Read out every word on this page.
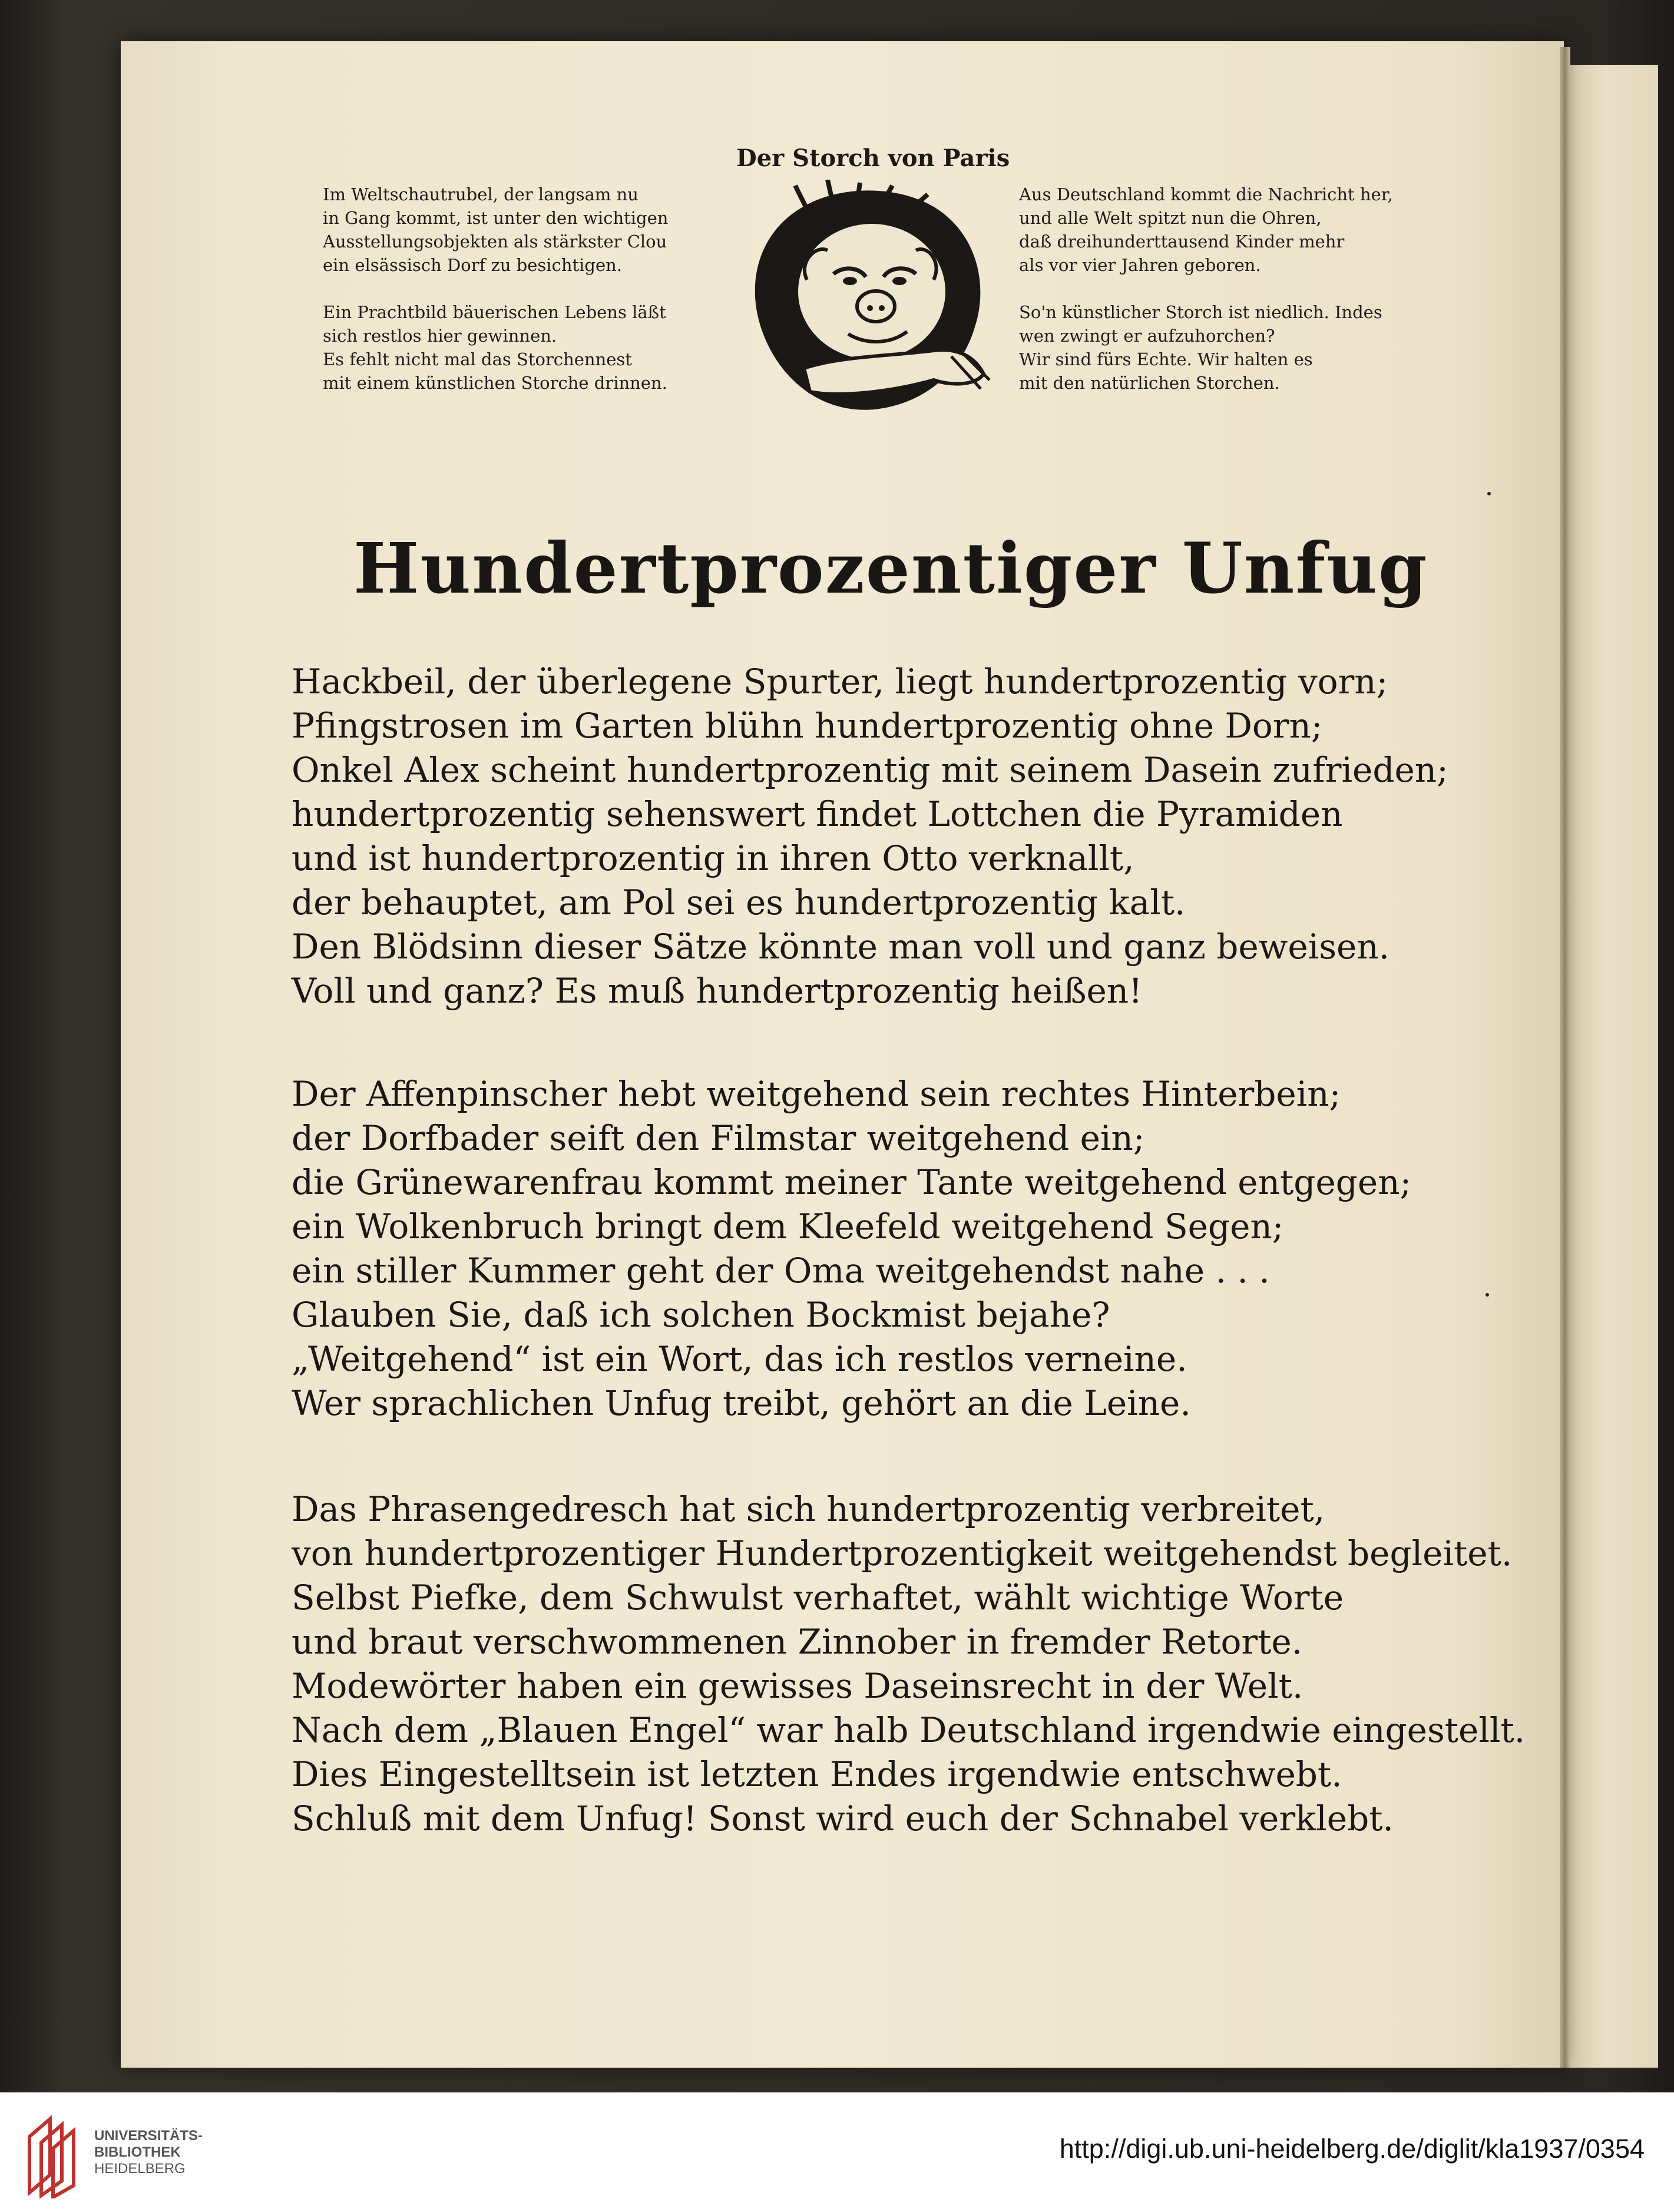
Der Storch von Paris

Im Weltschautrubel, der langsam nu
in Gang kommt, ist unter den wichtigen
Ausstellungsobjekten als stärkster Clou
ein elsässisch Dorf zu besichtigen.

Ein Prachtbild bäuerischen Lebens läßt
sich restlos hier gewinnen.
Es fehlt nicht mal das Storchennest
mit einem künstlichen Storche drinnen.

Aus Deutschland kommt die Nachricht her,
und alle Welt spitzt nun die Ohren,
daß dreihunderttausend Kinder mehr
als vor vier Jahren geboren.

So'n künstlicher Storch ist niedlich. Indes
wen zwingt er aufzuhorchen?
Wir sind fürs Echte. Wir halten es
mit den natürlichen Storchen.

Hundertprozentiger Unfug

Hackbeil, der überlegene Spurter, liegt hundertprozentig vorn;
Pfingstrosen im Garten blühn hundertprozentig ohne Dorn;
Onkel Alex scheint hundertprozentig mit seinem Dasein zufrieden;
hundertprozentig sehenswert findet Lottchen die Pyramiden
und ist hundertprozentig in ihren Otto verknallt,
der behauptet, am Pol sei es hundertprozentig kalt.
Den Blödsinn dieser Sätze könnte man voll und ganz beweisen.
Voll und ganz? Es muß hundertprozentig heißen!

Der Affenpinscher hebt weitgehend sein rechtes Hinterbein;
der Dorfbader seift den Filmstar weitgehend ein;
die Grünewarenfrau kommt meiner Tante weitgehend entgegen;
ein Wolkenbruch bringt dem Kleefeld weitgehend Segen;
ein stiller Kummer geht der Oma weitgehendst nahe . . .
Glauben Sie, daß ich solchen Bockmist bejahe?
„Weitgehend“ ist ein Wort, das ich restlos verneine.
Wer sprachlichen Unfug treibt, gehört an die Leine.

Das Phrasengedresch hat sich hundertprozentig verbreitet,
von hundertprozentiger Hundertprozentigkeit weitgehendst begleitet.
Selbst Piefke, dem Schwulst verhaftet, wählt wichtige Worte
und braut verschwommenen Zinnober in fremder Retorte.
Modewörter haben ein gewisses Daseinsrecht in der Welt.
Nach dem „Blauen Engel“ war halb Deutschland irgendwie eingestellt.
Dies Eingestelltsein ist letzten Endes irgendwie entschwebt.
Schluß mit dem Unfug! Sonst wird euch der Schnabel verklebt.

UNIVERSITÄTS-
BIBLIOTHEK
HEIDELBERG
http://digi.ub.uni-heidelberg.de/diglit/kla1937/0354
